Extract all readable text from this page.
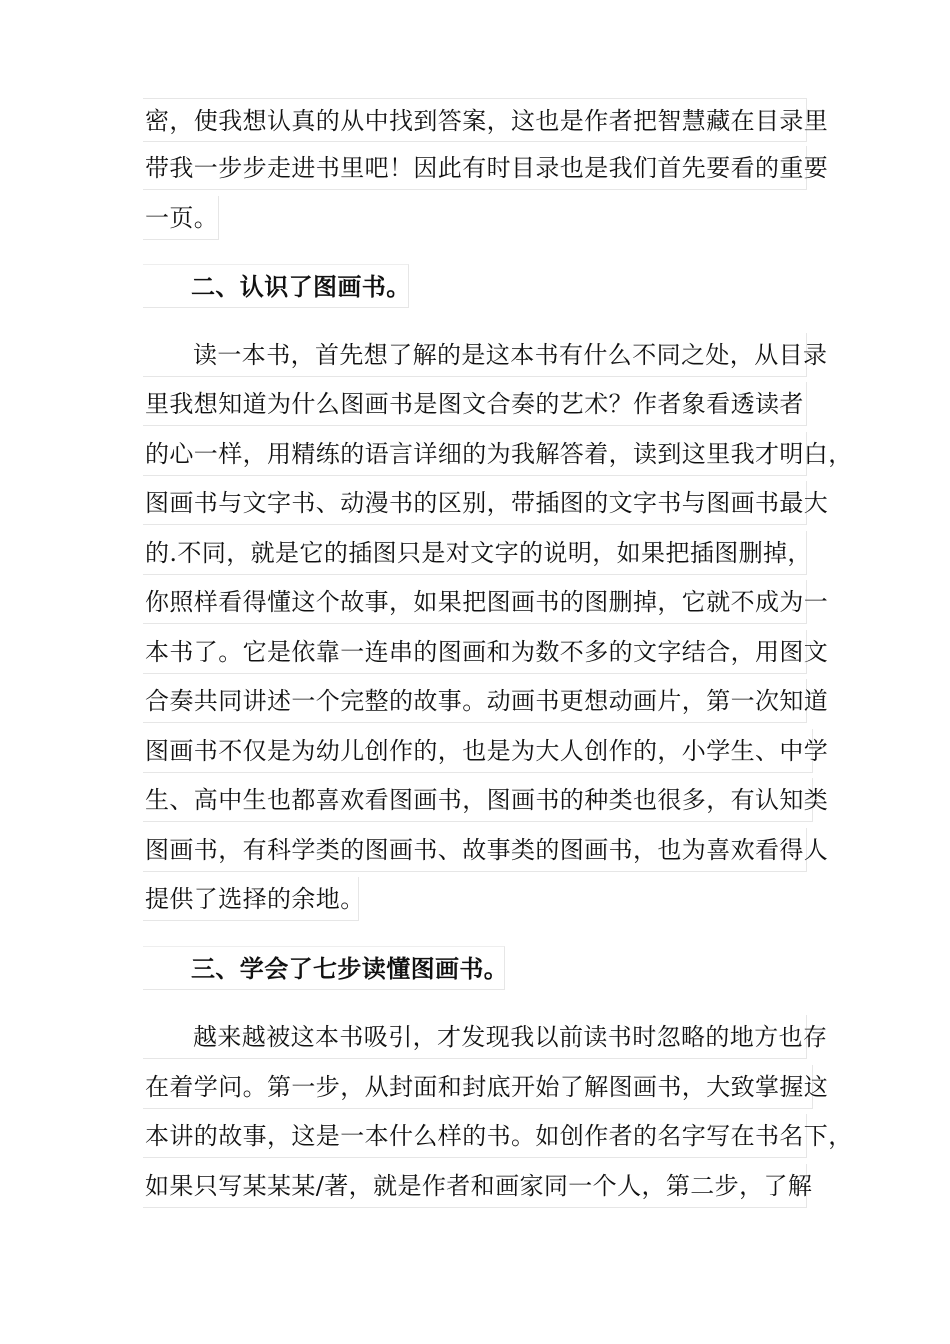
密，使我想认真的从中找到答案，这也是作者把智慧藏在目录里
带我一步步走进书里吧！因此有时目录也是我们首先要看的重要
一页。
二、认识了图画书。
读一本书，首先想了解的是这本书有什么不同之处，从目录
里我想知道为什么图画书是图文合奏的艺术？作者象看透读者
的心一样，用精练的语言详细的为我解答着，读到这里我才明白，
图画书与文字书、动漫书的区别，带插图的文字书与图画书最大
的.不同，就是它的插图只是对文字的说明，如果把插图删掉，
你照样看得懂这个故事，如果把图画书的图删掉，它就不成为一
本书了。它是依靠一连串的图画和为数不多的文字结合，用图文
合奏共同讲述一个完整的故事。动画书更想动画片，第一次知道
图画书不仅是为幼儿创作的，也是为大人创作的，小学生、中学
生、高中生也都喜欢看图画书，图画书的种类也很多，有认知类
图画书，有科学类的图画书、故事类的图画书，也为喜欢看得人
提供了选择的余地。
三、学会了七步读懂图画书。
越来越被这本书吸引，才发现我以前读书时忽略的地方也存
在着学问。第一步，从封面和封底开始了解图画书，大致掌握这
本讲的故事，这是一本什么样的书。如创作者的名字写在书名下，
如果只写某某某/著，就是作者和画家同一个人，第二步，了解
